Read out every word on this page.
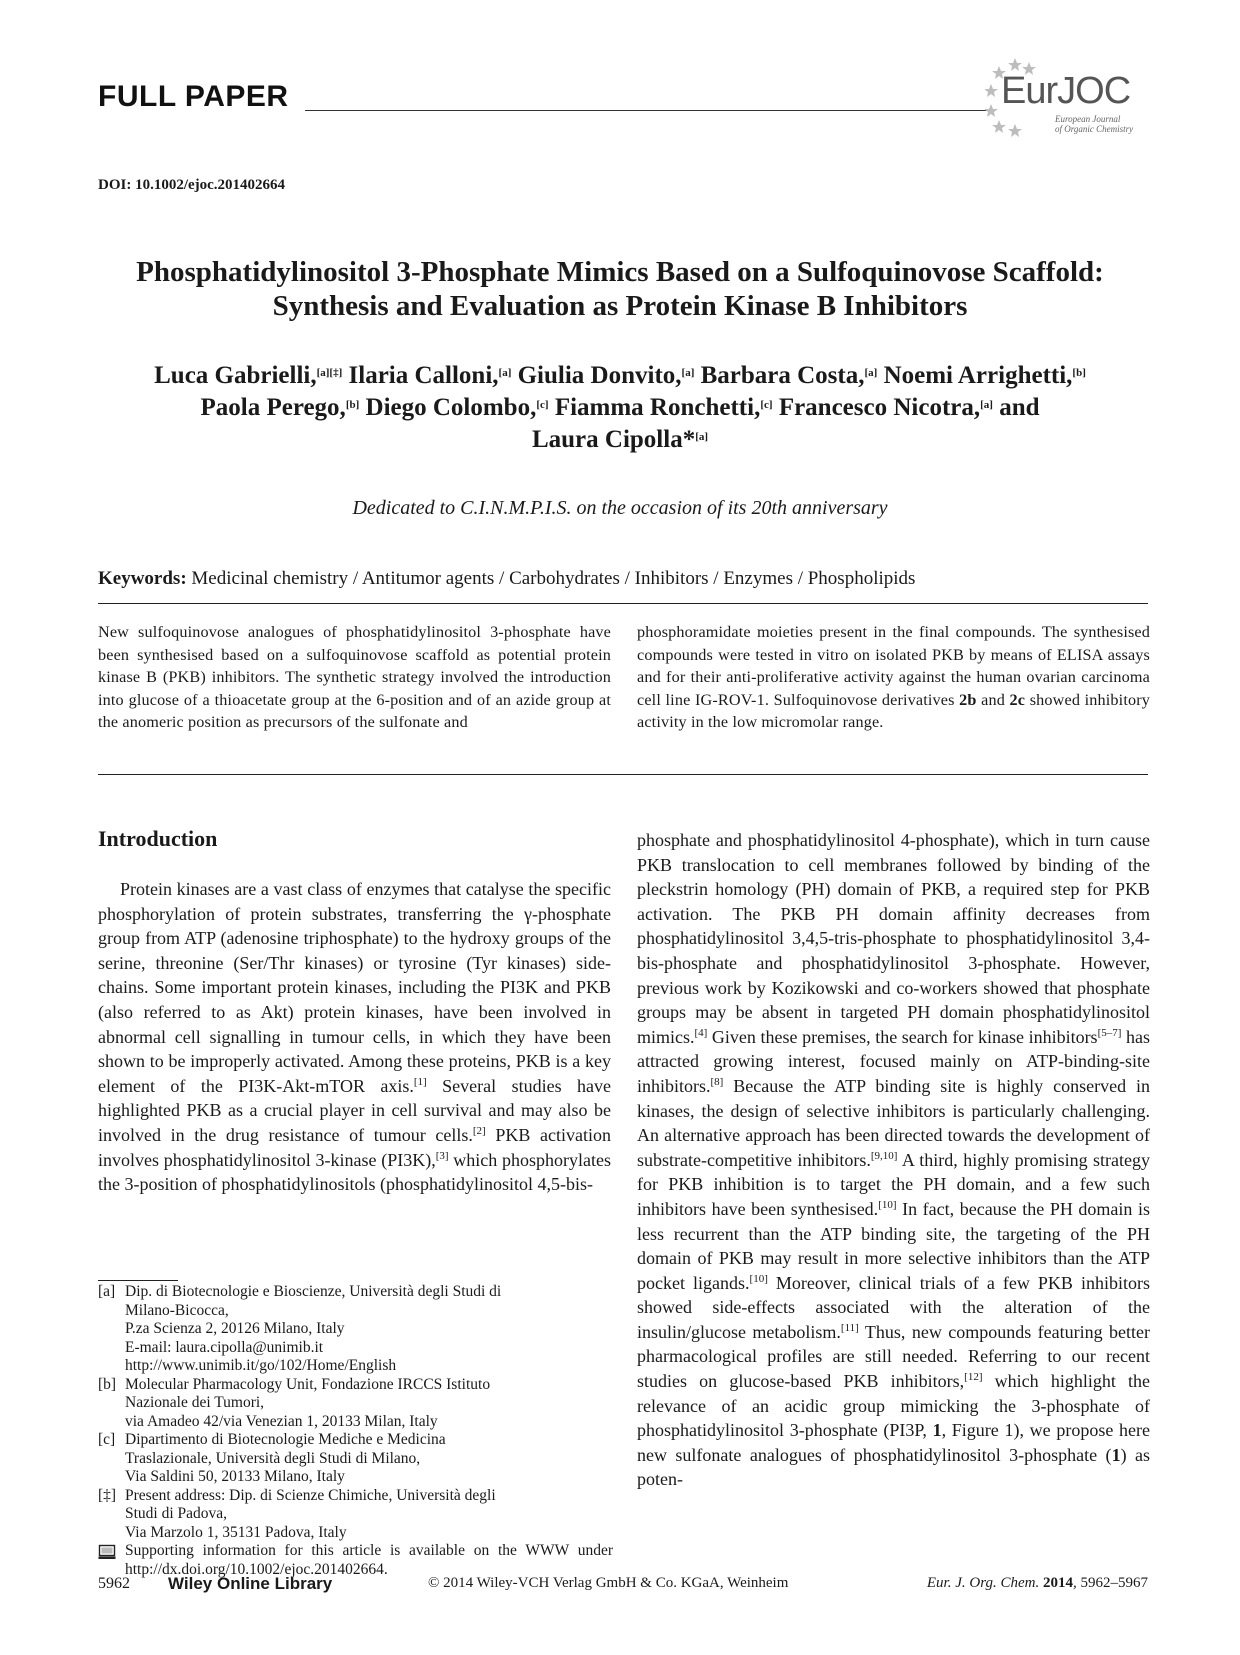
FULL PAPER	EurJOC
European Journal
of Organic Chemistry
DOI: 10.1002/ejoc.201402664
Phosphatidylinositol 3-Phosphate Mimics Based on a Sulfoquinovose Scaffold:
Synthesis and Evaluation as Protein Kinase B Inhibitors
Luca Gabrielli,[a][‡] Ilaria Calloni,[a] Giulia Donvito,[a] Barbara Costa,[a] Noemi Arrighetti,[b]
Paola Perego,[b] Diego Colombo,[c] Fiamma Ronchetti,[c] Francesco Nicotra,[a] and
Laura Cipolla*[a]
Dedicated to C.I.N.M.P.I.S. on the occasion of its 20th anniversary
Keywords: Medicinal chemistry / Antitumor agents / Carbohydrates / Inhibitors / Enzymes / Phospholipids
New sulfoquinovose analogues of phosphatidylinositol 3-phosphate have been synthesised based on a sulfoquinovose scaffold as potential protein kinase B (PKB) inhibitors. The synthetic strategy involved the introduction into glucose of a thioacetate group at the 6-position and of an azide group at the anomeric position as precursors of the sulfonate and
phosphoramidate moieties present in the final compounds. The synthesised compounds were tested in vitro on isolated PKB by means of ELISA assays and for their anti-proliferative activity against the human ovarian carcinoma cell line IG-ROV-1. Sulfoquinovose derivatives 2b and 2c showed inhibitory activity in the low micromolar range.
Introduction
Protein kinases are a vast class of enzymes that catalyse the specific phosphorylation of protein substrates, transferring the γ-phosphate group from ATP (adenosine triphosphate) to the hydroxy groups of the serine, threonine (Ser/Thr kinases) or tyrosine (Tyr kinases) side-chains. Some important protein kinases, including the PI3K and PKB (also referred to as Akt) protein kinases, have been involved in abnormal cell signalling in tumour cells, in which they have been shown to be improperly activated. Among these proteins, PKB is a key element of the PI3K-Akt-mTOR axis.[1] Several studies have highlighted PKB as a crucial player in cell survival and may also be involved in the drug resistance of tumour cells.[2] PKB activation involves phosphatidylinositol 3-kinase (PI3K),[3] which phosphorylates the 3-position of phosphatidylinositols (phosphatidylinositol 4,5-bis-
phosphate and phosphatidylinositol 4-phosphate), which in turn cause PKB translocation to cell membranes followed by binding of the pleckstrin homology (PH) domain of PKB, a required step for PKB activation. The PKB PH domain affinity decreases from phosphatidylinositol 3,4,5-tris-phosphate to phosphatidylinositol 3,4-bis-phosphate and phosphatidylinositol 3-phosphate. However, previous work by Kozikowski and co-workers showed that phosphate groups may be absent in targeted PH domain phosphatidylinositol mimics.[4] Given these premises, the search for kinase inhibitors[5–7] has attracted growing interest, focused mainly on ATP-binding-site inhibitors.[8] Because the ATP binding site is highly conserved in kinases, the design of selective inhibitors is particularly challenging. An alternative approach has been directed towards the development of substrate-competitive inhibitors.[9,10] A third, highly promising strategy for PKB inhibition is to target the PH domain, and a few such inhibitors have been synthesised.[10] In fact, because the PH domain is less recurrent than the ATP binding site, the targeting of the PH domain of PKB may result in more selective inhibitors than the ATP pocket ligands.[10] Moreover, clinical trials of a few PKB inhibitors showed side-effects associated with the alteration of the insulin/glucose metabolism.[11] Thus, new compounds featuring better pharmacological profiles are still needed. Referring to our recent studies on glucose-based PKB inhibitors,[12] which highlight the relevance of an acidic group mimicking the 3-phosphate of phosphatidylinositol 3-phosphate (PI3P, 1, Figure 1), we propose here new sulfonate analogues of phosphatidylinositol 3-phosphate (1) as poten-
[a] Dip. di Biotecnologie e Bioscienze, Università degli Studi di
Milano-Bicocca,
P.za Scienza 2, 20126 Milano, Italy
E-mail: laura.cipolla@unimib.it
http://www.unimib.it/go/102/Home/English
[b] Molecular Pharmacology Unit, Fondazione IRCCS Istituto
Nazionale dei Tumori,
via Amadeo 42/via Venezian 1, 20133 Milan, Italy
[c] Dipartimento di Biotecnologie Mediche e Medicina
Traslazionale, Università degli Studi di Milano,
Via Saldini 50, 20133 Milano, Italy
[‡] Present address: Dip. di Scienze Chimiche, Università degli
Studi di Padova,
Via Marzolo 1, 35131 Padova, Italy
Supporting information for this article is available on the WWW under http://dx.doi.org/10.1002/ejoc.201402664.
5962 Wiley Online Library	© 2014 Wiley-VCH Verlag GmbH & Co. KGaA, Weinheim	Eur. J. Org. Chem. 2014, 5962–5967
